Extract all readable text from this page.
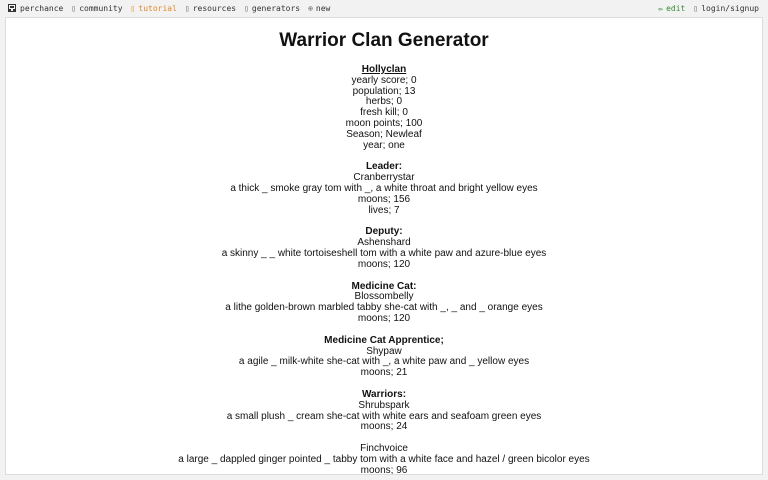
perchance ▯ community ▯ tutorial ▯ resources ▯ generators ⊕ new	✏ edit ▯ login/signup
Warrior Clan Generator
Hollyclan
yearly score; 0
population; 13
herbs; 0
fresh kill; 0
moon points; 100
Season; Newleaf
year; one
Leader:
Cranberrystar
a thick _ smoke gray tom with _, a white throat and bright yellow eyes
moons; 156
lives; 7
Deputy:
Ashenshard
a skinny _ _ white tortoiseshell tom with a white paw and azure-blue eyes
moons; 120
Medicine Cat:
Blossombelly
a lithe golden-brown marbled tabby she-cat with _, _ and _ orange eyes
moons; 120
Medicine Cat Apprentice;
Shypaw
a agile _ milk-white she-cat with _, a white paw and _ yellow eyes
moons; 21
Warriors:
Shrubspark
a small plush _ cream she-cat with white ears and seafoam green eyes
moons; 24
Finchvoice
a large _ dappled ginger pointed _ tabby tom with a white face and hazel / green bicolor eyes
moons; 96
